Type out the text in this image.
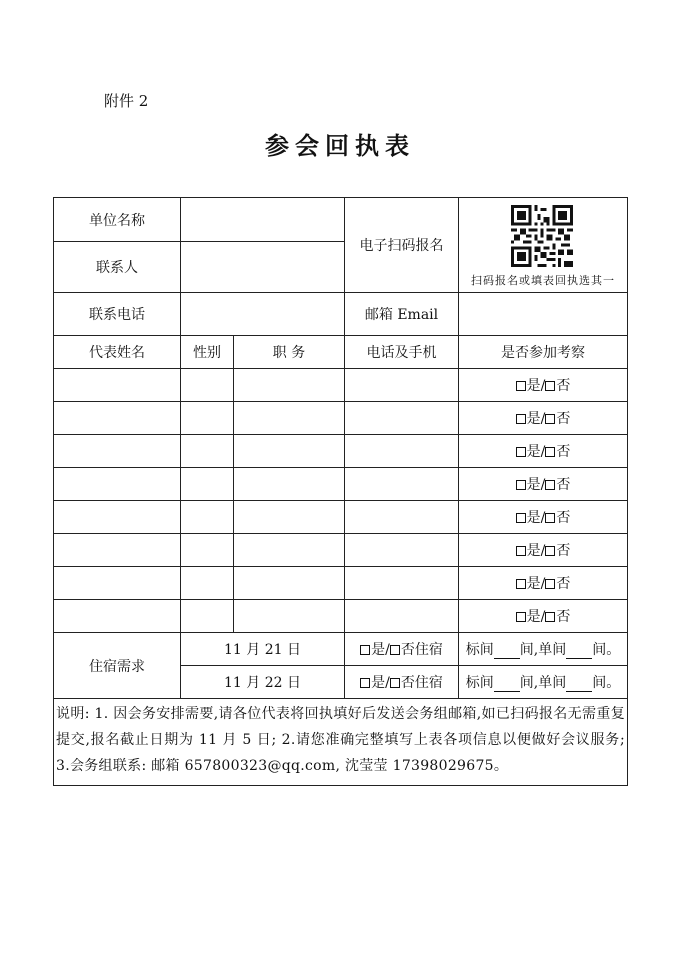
附件 2
参会回执表
单位名称			电子扫码报名	扫码报名或填表回执选其一

联系人				
联系电话			邮箱 Email	
代表姓名	性别	职 务	电话及手机	是否参加考察
				是/ 否
				是/ 否
				是/ 否
				是/ 否
				是/ 否
				是/ 否
				是/ 否
				是/ 否
住宿需求	11 月 21 日		是/ 否住宿	标间 间,单间 间。
	11 月 22 日		是/ 否住宿	标间 间,单间 间。
说明: 1. 因会务安排需要,请各位代表将回执填好后发送会务组邮箱,如已扫码报名无需重复提交,报名截止日期为 11 月 5 日; 2.请您准确完整填写上表各项信息以便做好会议服务; 3.会务组联系: 邮箱 657800323@qq.com, 沈莹莹 17398029675。				
